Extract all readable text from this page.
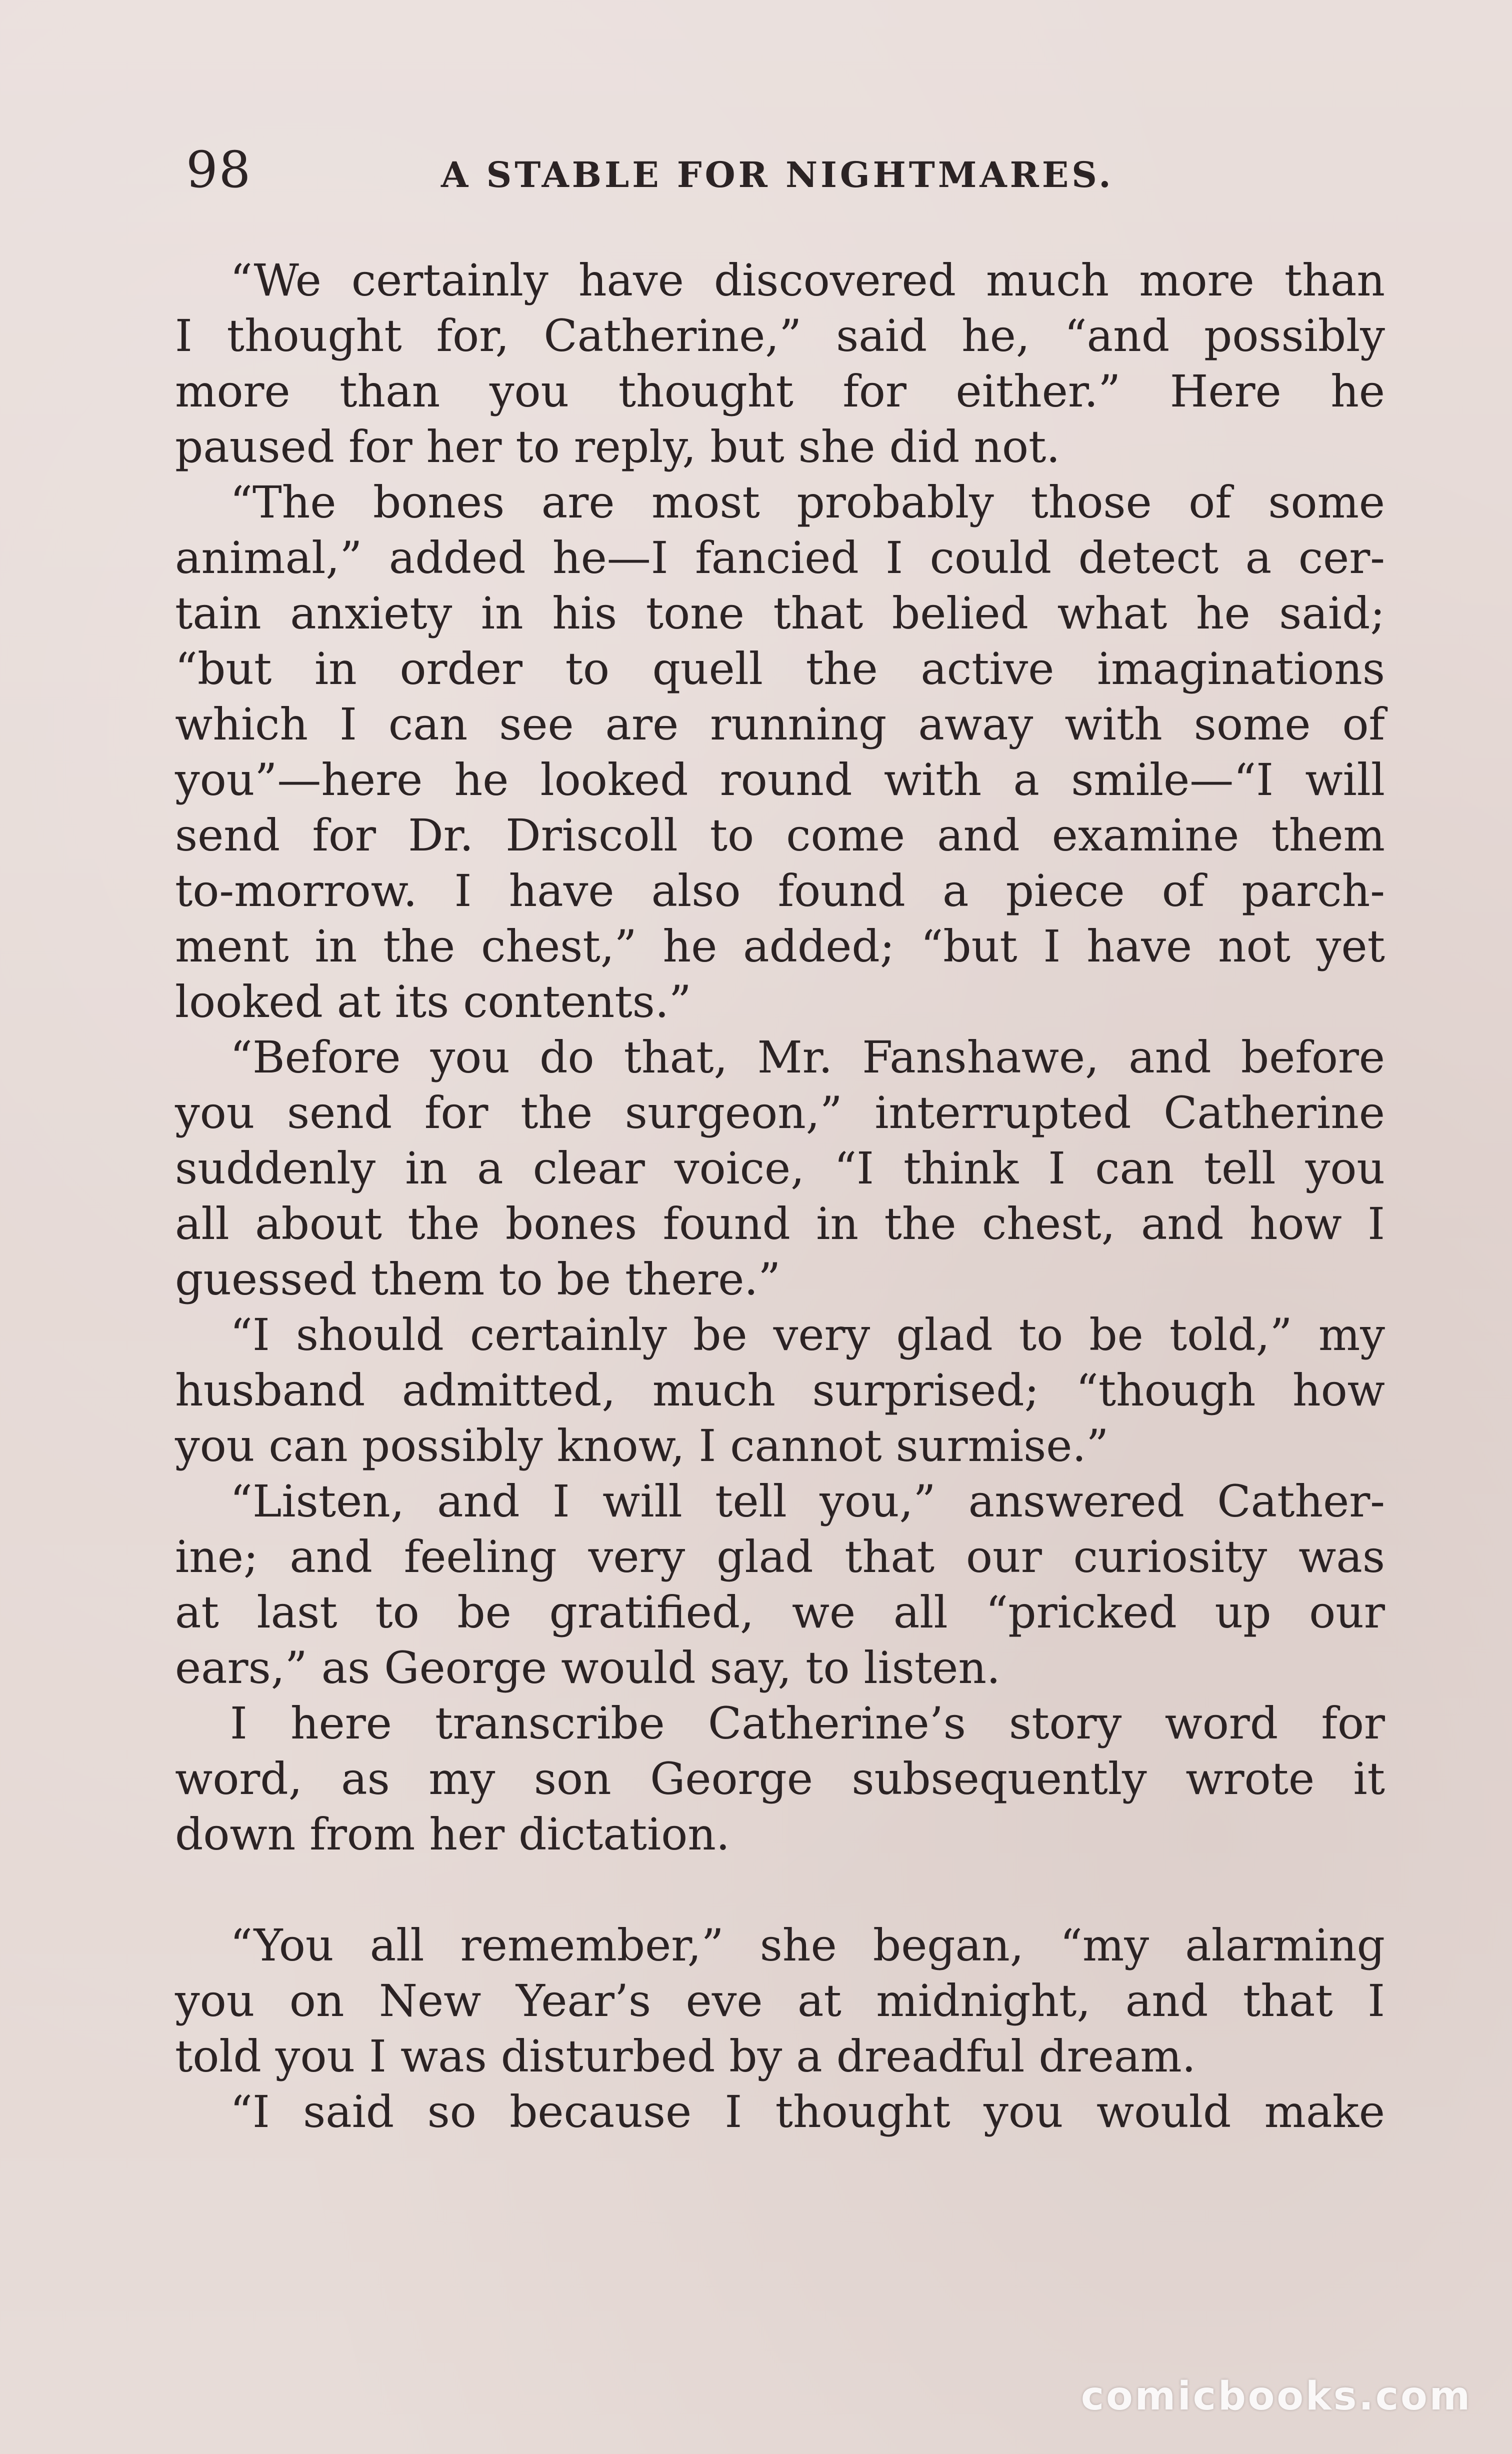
98	A STABLE FOR NIGHTMARES.
“We certainly have discovered much more than
I thought for, Catherine,” said he, “and possibly
more than you thought for either.” Here he
paused for her to reply, but she did not.
“The bones are most probably those of some
animal,” added he—I fancied I could detect a cer-
tain anxiety in his tone that belied what he said;
“but in order to quell the active imaginations
which I can see are running away with some of
you”—here he looked round with a smile—“I will
send for Dr. Driscoll to come and examine them
to-morrow. I have also found a piece of parch-
ment in the chest,” he added; “but I have not yet
looked at its contents.”
“Before you do that, Mr. Fanshawe, and before
you send for the surgeon,” interrupted Catherine
suddenly in a clear voice, “I think I can tell you
all about the bones found in the chest, and how I
guessed them to be there.”
“I should certainly be very glad to be told,” my
husband admitted, much surprised; “though how
you can possibly know, I cannot surmise.”
“Listen, and I will tell you,” answered Cather-
ine; and feeling very glad that our curiosity was
at last to be gratified, we all “pricked up our
ears,” as George would say, to listen.
I here transcribe Catherine’s story word for
word, as my son George subsequently wrote it
down from her dictation.
“You all remember,” she began, “my alarming
you on New Year’s eve at midnight, and that I
told you I was disturbed by a dreadful dream.
“I said so because I thought you would make
comicbooks.com
